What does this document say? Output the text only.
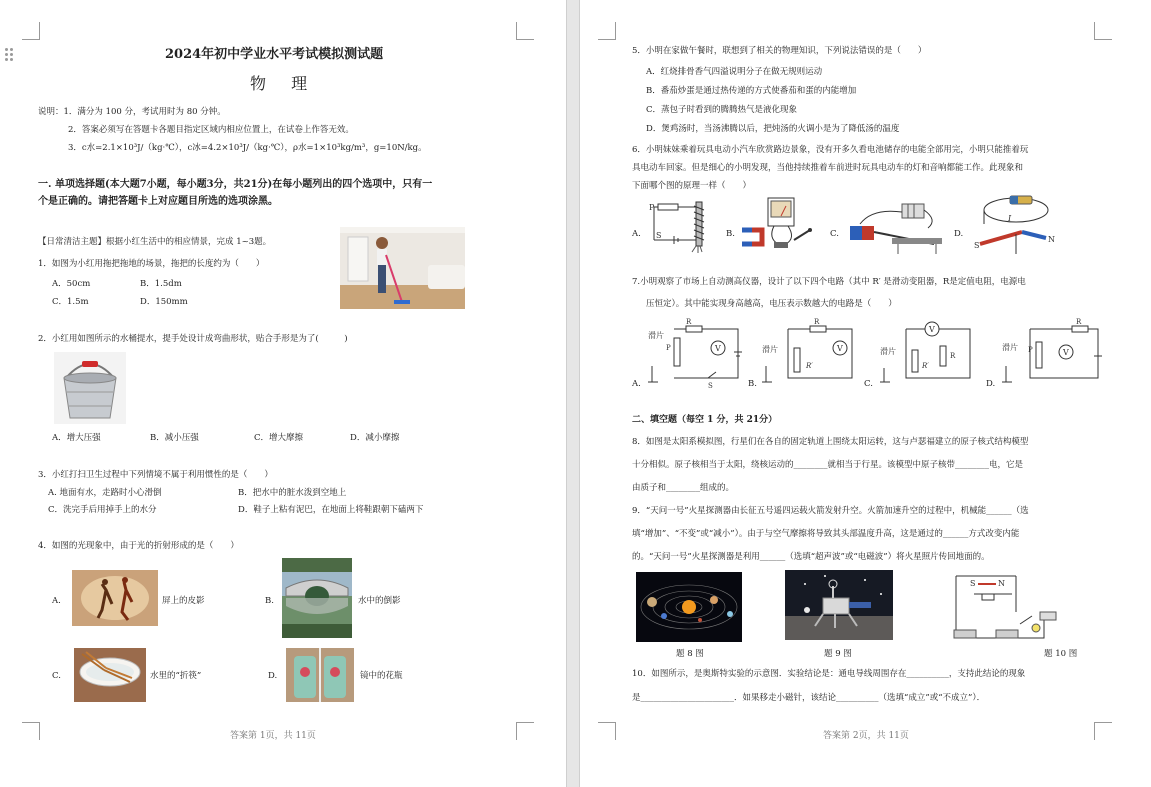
2024年初中学业水平考试模拟测试题
物 理
说明：1．满分为 100 分，考试用时为 80 分钟。
2．答案必须写在答题卡各题目指定区域内相应位置上，在试卷上作答无效。
3．c水=2.1×10³J/（kg·℃），c冰=4.2×10³J/（kg·℃），ρ水=1×10³kg/m³，g=10N/kg。
一. 单项选择题(本大题7小题，每小题3分，共21分)在每小题列出的四个选项中，只有一
个是正确的。请把答题卡上对应题目所选的选项涂黑。
【日常清洁主题】根据小红生活中的相应情景，完成 1~3题。
1．如图为小红用拖把拖地的场景，拖把的长度约为（　　）
A．50cm	B．1.5dm
C．1.5m	D．150mm
2．小红用如图所示的水桶提水，提手处设计成弯曲形状，贴合手形是为了(　　　)
A．增大压强	B．减小压强	C．增大摩擦	D．减小摩擦
3．小红打扫卫生过程中下列情境不属于利用惯性的是（　　）
A. 地面有水，走路时小心滑倒	B．把水中的脏水泼到空地上
C．洗完手后用掉手上的水分	D．鞋子上粘有泥巴，在地面上将鞋跟朝下磕两下
4．如图的光现象中，由于光的折射形成的是（　　）
A.	屏上的皮影	B.	水中的倒影
C.	水里的“折筷”	D.	镜中的花瓶
答案第 1页，共 11页
5．小明在家做午餐时，联想到了相关的物理知识，下列说法错误的是（　　）
A．红烧排骨香气四溢说明分子在做无规则运动
B．番茄炒蛋是通过热传递的方式使番茄和蛋的内能增加
C．蒸包子时看到的腾腾热气是液化现象
D．煲鸡汤时，当汤沸腾以后，把炖汤的火调小是为了降低汤的温度
6．小明妹妹乘着玩具电动小汽车欣赏路边景象，没有开多久看电池储存的电能全部用完，小明只能推着玩
具电动车回家。但是细心的小明发现，当他持续推着车前进时玩具电动车的灯和音响都能工作。此现象和
下面哪个图的原理一样（　　）
A.
P
S	B.	C.	D.
I
S
N
7.小明观察了市场上自动测高仪器，设计了以下四个电路（其中 R′ 是滑动变阻器，R是定值电阻，电源电
压恒定）。其中能实现身高越高，电压表示数越大的电路是（　　）
A.
滑片
R
P	V
S	B.
滑片
R
R′
V
C.
滑片
V
R′
R
D.
滑片
R
P	V
二、填空题（每空 1 分，共 21分）
8．如图是太阳系模拟图，行星们在各自的固定轨道上围绕太阳运转，这与卢瑟福建立的原子核式结构模型
十分相似。原子核相当于太阳，绕核运动的________就相当于行星。该模型中原子核带________电，它是
由质子和________组成的。
9．“天问一号”火星探测器由长征五号遥四运载火箭发射升空。火箭加速升空的过程中，机械能______（选
填“增加”、“不变”或“减小”）。由于与空气摩擦将导致其头部温度升高，这是通过的______方式改变内能
的。“天问一号”火星探测器是利用______（选填“超声波”或“电磁波”）将火星照片传回地面的。
题 8 图	题 9 图
S	N
题 10 图
10．如图所示，是奥斯特实验的示意图．实验结论是：通电导线周围存在__________，支持此结论的现象
是______________________．如果移走小磁针，该结论__________（选填“成立”或“不成立”）．
答案第 2页，共 11页
